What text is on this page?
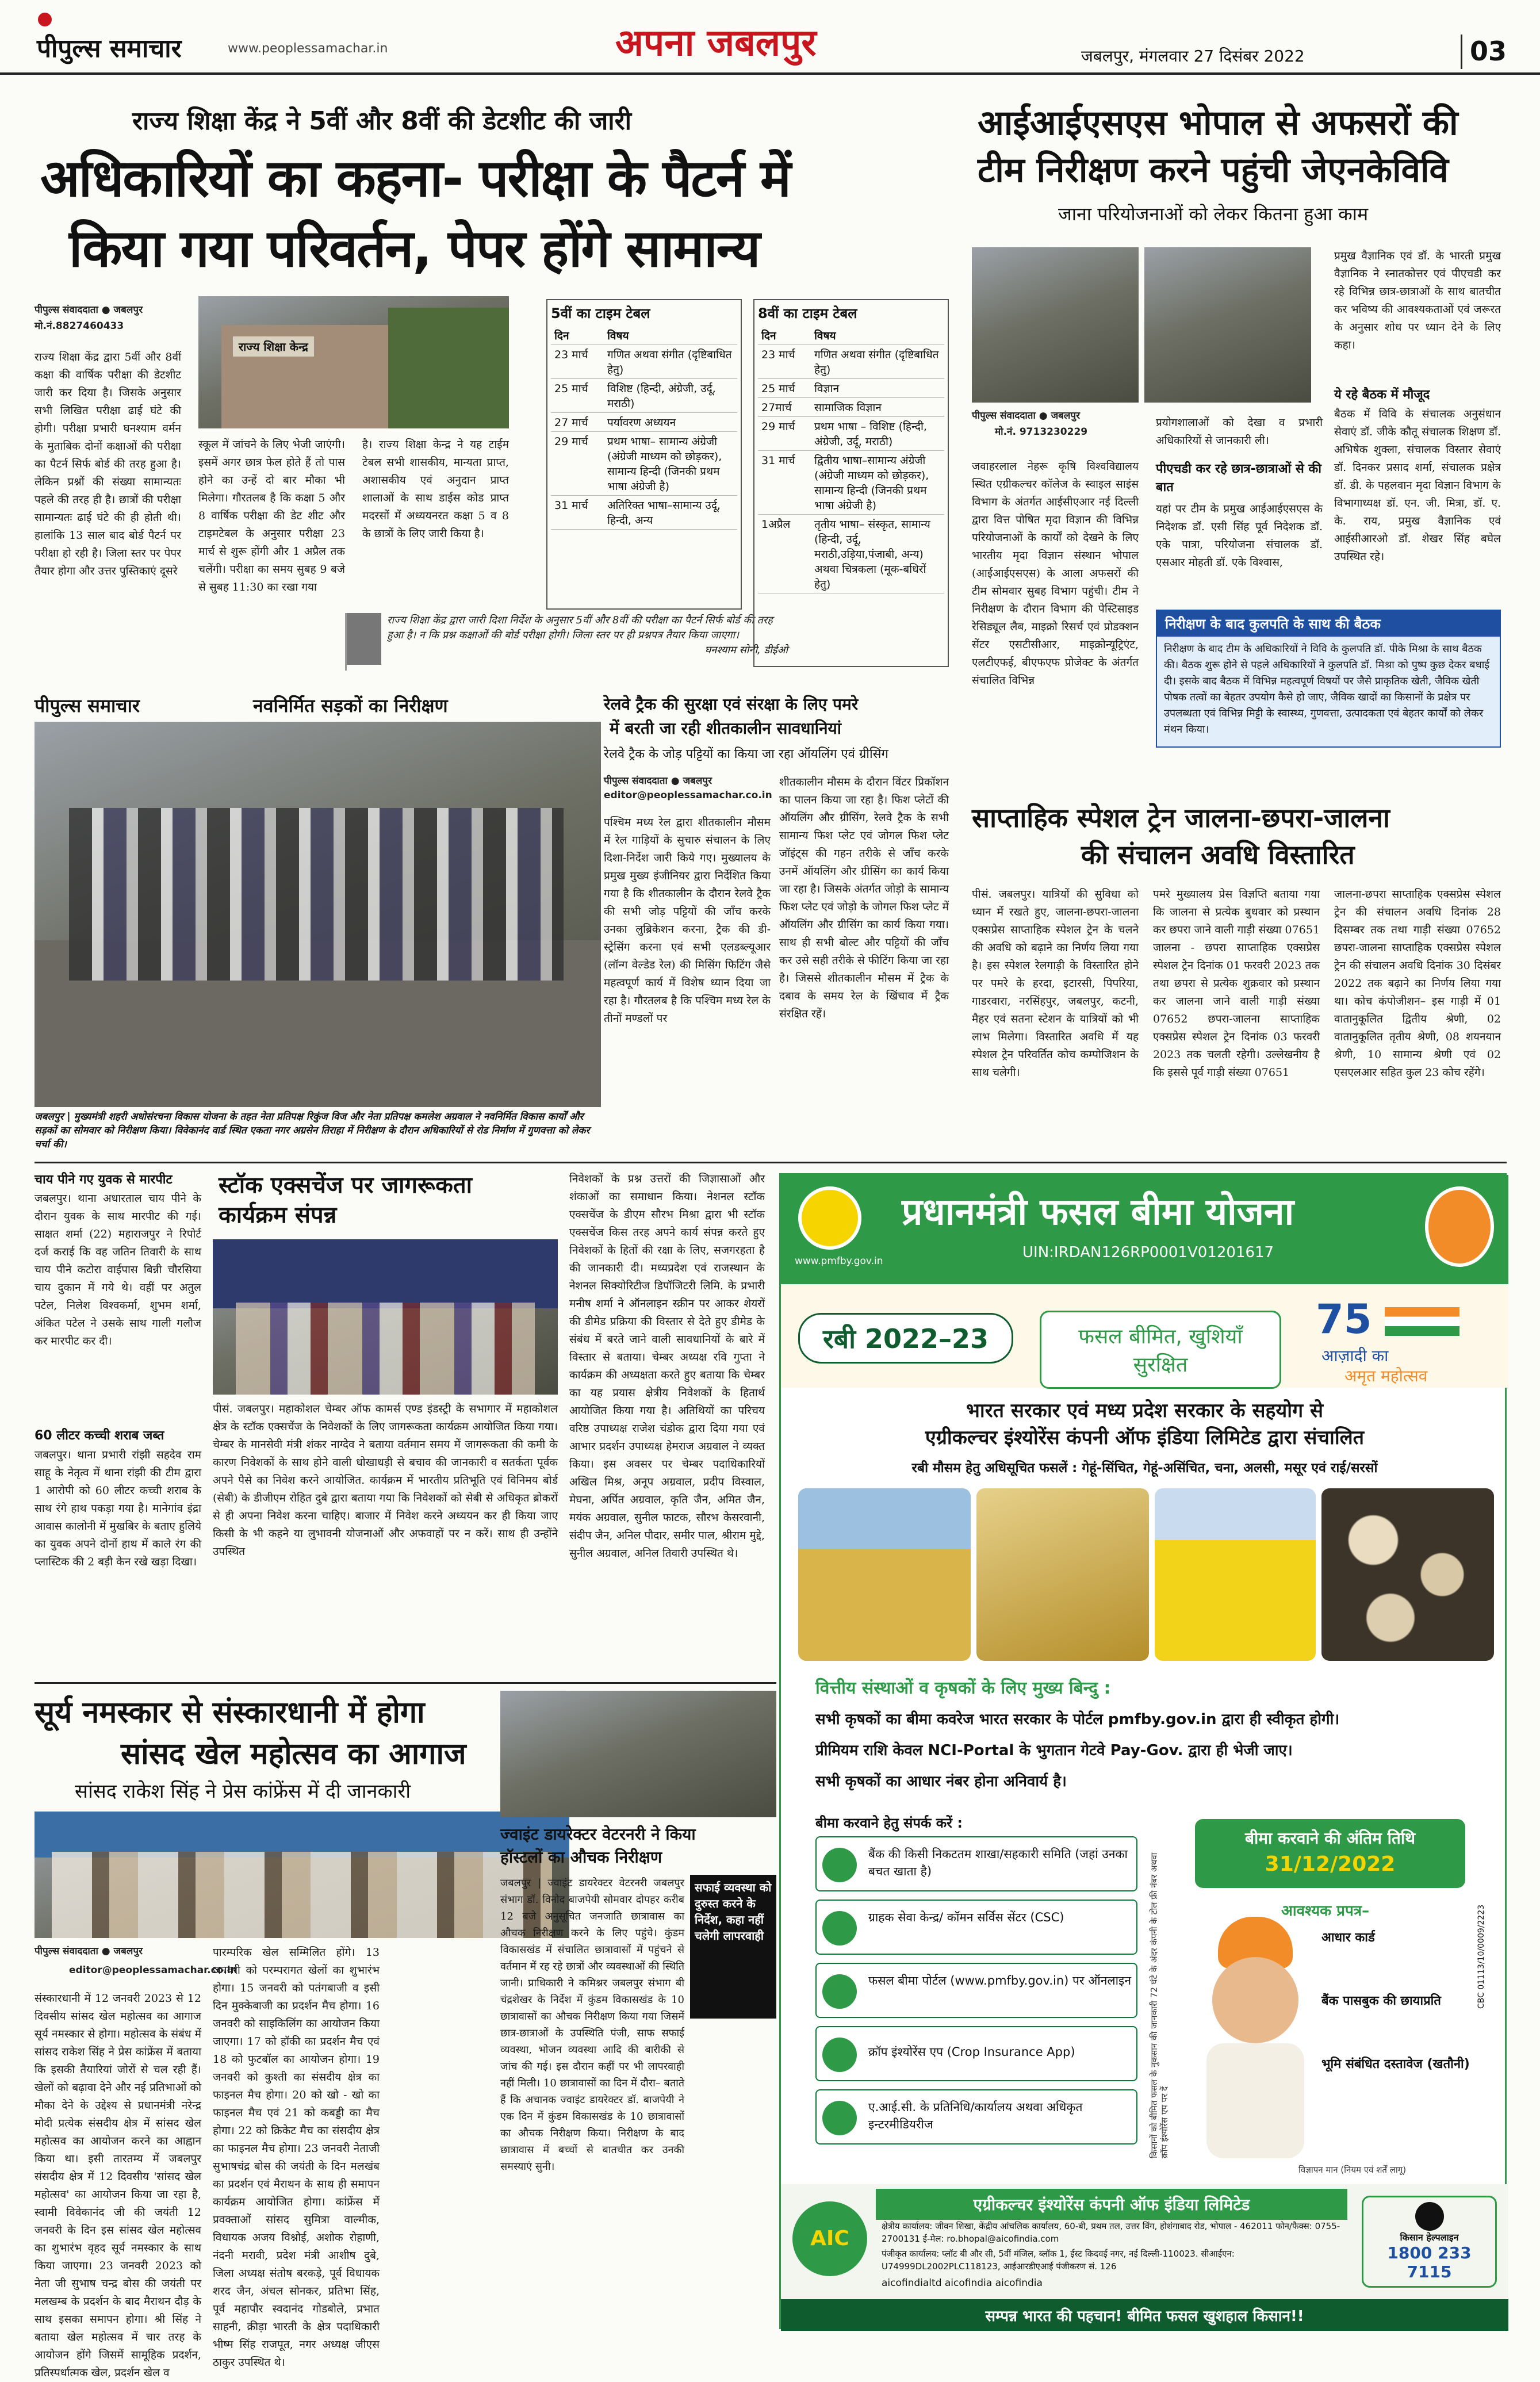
पीपुल्स समाचार	www.peoplessamachar.in	अपना जबलपुर	जबलपुर, मंगलवार 27 दिसंबर 2022	03
राज्य शिक्षा केंद्र ने 5वीं और 8वीं की डेटशीट की जारी
अधिकारियों का कहना- परीक्षा के पैटर्न में
किया गया परिवर्तन, पेपर होंगे सामान्य
पीपुल्स संवाददाता ● जबलपुर
मो.नं.8827460433
राज्य शिक्षा केंद्र द्वारा 5वीं और 8वीं कक्षा की वार्षिक परीक्षा की डेटशीट जारी कर दिया है। जिसके अनुसार सभी लिखित परीक्षा ढाई घंटे की होगी। परीक्षा प्रभारी घनश्याम वर्मन के मुताबिक दोनों कक्षाओं की परीक्षा का पैटर्न सिर्फ बोर्ड की तरह हुआ है। लेकिन प्रश्नों की संख्या सामान्यतः पहले की तरह ही है। छात्रों की परीक्षा सामान्यतः ढाई घंटे की ही होती थी। हालांकि 13 साल बाद बोर्ड पैटर्न पर परीक्षा हो रही है। जिला स्तर पर पेपर तैयार होगा और उत्तर पुस्तिकाएं दूसरे
राज्य शिक्षा केन्द्र
स्कूल में जांचने के लिए भेजी जाएंगी। इसमें अगर छात्र फेल होते हैं तो पास होने का उन्हें दो बार मौका भी मिलेगा। गौरतलब है कि कक्षा 5 और 8 वार्षिक परीक्षा की डेट शीट और टाइमटेबल के अनुसार परीक्षा 23 मार्च से शुरू होंगी और 1 अप्रैल तक चलेंगी। परीक्षा का समय सुबह 9 बजे से सुबह 11:30 का रखा गया
है। राज्य शिक्षा केन्द्र ने यह टाईम टेबल सभी शासकीय, मान्यता प्राप्त, अशासकीय एवं अनुदान प्राप्त शालाओं के साथ डाईस कोड प्राप्त मदरसों में अध्ययनरत कक्षा 5 व 8 के छात्रों के लिए जारी किया है।
राज्य शिक्षा केंद्र द्वारा जारी दिशा निर्देश के अनुसार 5वीं और 8वीं की परीक्षा का पैटर्न सिर्फ बोर्ड की तरह हुआ है। न कि प्रश्न कक्षाओं की बोर्ड परीक्षा होगी। जिला स्तर पर ही प्रश्नपत्र तैयार किया जाएगा।
घनश्याम सोनी, डीईओ
5वीं का टाइम टेबल
दिन	विषय
23 मार्च	गणित अथवा संगीत (दृष्टिबाधित हेतु)
25 मार्च	विशिष्ट (हिन्दी, अंग्रेजी, उर्दू, मराठी)
27 मार्च	पर्यावरण अध्ययन
29 मार्च	प्रथम भाषा– सामान्य अंग्रेजी (अंग्रेजी माध्यम को छोड़कर), सामान्य हिन्दी (जिनकी प्रथम भाषा अंग्रेजी है)
31 मार्च	अतिरिक्त भाषा–सामान्य उर्दू, हिन्दी, अन्य
8वीं का टाइम टेबल
दिन	विषय
23 मार्च	गणित अथवा संगीत (दृष्टिबाधित हेतु)
25 मार्च	विज्ञान
27मार्च	सामाजिक विज्ञान
29 मार्च	प्रथम भाषा – विशिष्ट (हिन्दी, अंग्रेजी, उर्दू, मराठी)
31 मार्च	द्वितीय भाषा–सामान्य अंग्रेजी (अंग्रेजी माध्यम को छोड़कर), सामान्य हिन्दी (जिनकी प्रथम भाषा अंग्रेजी है)
1अप्रैल	तृतीय भाषा– संस्कृत, सामान्य (हिन्दी, उर्दू, मराठी,उड़िया,पंजाबी, अन्य) अथवा चित्रकला (मूक-बधिरों हेतु)
आईआईएसएस भोपाल से अफसरों की
टीम निरीक्षण करने पहुंची जेएनकेविवि
जाना परियोजनाओं को लेकर कितना हुआ काम
पीपुल्स संवाददाता ● जबलपुर
मो.नं. 9713230229
जवाहरलाल नेहरू कृषि विश्वविद्यालय स्थित एग्रीकल्चर कॉलेज के स्वाइल साइंस विभाग के अंतर्गत आईसीएआर नई दिल्ली द्वारा वित्त पोषित मृदा विज्ञान की विभिन्न परियोजनाओं के कार्यों को देखने के लिए भारतीय मृदा विज्ञान संस्थान भोपाल (आईआईएसएस) के आला अफसरों की टीम सोमवार सुबह विभाग पहुंची। टीम ने निरीक्षण के दौरान विभाग की पेस्टिसाइड रेसिड्यूल लैब, माइक्रो रिसर्च एवं प्रोडक्शन सेंटर एसटीसीआर, माइक्रोन्यूट्रिएंट, एलटीएफई, बीएफएफ प्रोजेक्ट के अंतर्गत संचालित विभिन्न
प्रयोगशालाओं को देखा व प्रभारी अधिकारियों से जानकारी ली।
पीएचडी कर रहे छात्र-छात्राओं से की बात
यहां पर टीम के प्रमुख आईआईएसएस के निदेशक डॉ. एसी सिंह पूर्व निदेशक डॉ. एके पात्रा, परियोजना संचालक डॉ. एसआर मोहती डॉ. एके विश्वास,
प्रमुख वैज्ञानिक एवं डॉ. के भारती प्रमुख वैज्ञानिक ने स्नातकोत्तर एवं पीएचडी कर रहे विभिन्न छात्र-छात्राओं के साथ बातचीत कर भविष्य की आवश्यकताओं एवं जरूरत के अनुसार शोध पर ध्यान देने के लिए कहा।
ये रहे बैठक में मौजूद
बैठक में विवि के संचालक अनुसंधान सेवाएं डॉ. जीके कौतू संचालक शिक्षण डॉ. अभिषेक शुक्ला, संचालक विस्तार सेवाएं डॉ. दिनकर प्रसाद शर्मा, संचालक प्रक्षेत्र डॉ. डी. के पहलवान मृदा विज्ञान विभाग के विभागाध्यक्ष डॉ. एन. जी. मित्रा, डॉ. ए. के. राय, प्रमुख वैज्ञानिक एवं आईसीआरओ डॉ. शेखर सिंह बघेल उपस्थित रहे।
निरीक्षण के बाद कुलपति के साथ की बैठक
निरीक्षण के बाद टीम के अधिकारियों ने विवि के कुलपति डॉ. पीके मिश्रा के साथ बैठक की। बैठक शुरू होने से पहले अधिकारियों ने कुलपति डॉ. मिश्रा को पुष्प कुछ देकर बधाई दी। इसके बाद बैठक में विभिन्न महत्वपूर्ण विषयों पर जैसे प्राकृतिक खेती, जैविक खेती पोषक तत्वों का बेहतर उपयोग कैसे हो जाए, जैविक खादों का किसानों के प्रक्षेत्र पर उपलब्धता एवं विभिन्न मिट्टी के स्वास्थ्य, गुणवत्ता, उत्पादकता एवं बेहतर कार्यों को लेकर मंथन किया।
पीपुल्स समाचार	नवनिर्मित सड़कों का निरीक्षण
जबलपुर | मुख्यमंत्री शहरी अधोसंरचना विकास योजना के तहत नेता प्रतिपक्ष रिकुंज विज और नेता प्रतिपक्ष कमलेश अग्रवाल ने नवनिर्मित विकास कार्यों और सड़कों का सोमवार को निरीक्षण किया। विवेकानंद वार्ड स्थित एकता नगर अग्रसेन तिराहा में निरीक्षण के दौरान अधिकारियों से रोड निर्माण में गुणवत्ता को लेकर चर्चा की।
रेलवे ट्रैक की सुरक्षा एवं संरक्षा के लिए पमरे
में बरती जा रही शीतकालीन सावधानियां
रेलवे ट्रैक के जोड़ पट्टियों का किया जा रहा ऑयलिंग एवं ग्रीसिंग
पीपुल्स संवाददाता ● जबलपुर
editor@peoplessamachar.co.in
पश्चिम मध्य रेल द्वारा शीतकालीन मौसम में रेल गाड़ियों के सुचारु संचालन के लिए दिशा-निर्देश जारी किये गए। मुख्यालय के प्रमुख मुख्य इंजीनियर द्वारा निर्देशित किया गया है कि शीतकालीन के दौरान रेलवे ट्रैक की सभी जोड़ पट्टियों की जाँच करके उनका लुब्रिकेशन करना, ट्रैक की डी-स्ट्रेसिंग करना एवं सभी एलडब्ल्यूआर (लॉन्ग वेल्डेड रेल) की मिसिंग फिटिंग जैसे महत्वपूर्ण कार्य में विशेष ध्यान दिया जा रहा है। गौरतलब है कि पश्चिम मध्य रेल के तीनों मण्डलों पर
शीतकालीन मौसम के दौरान विंटर प्रिकॉशन का पालन किया जा रहा है। फिश प्लेटों की ऑयलिंग और ग्रीसिंग, रेलवे ट्रैक के सभी सामान्य फिश प्लेट एवं जोगल फिश प्लेट जॉइंट्स की गहन तरीके से जाँच करके उनमें ऑयलिंग और ग्रीसिंग का कार्य किया जा रहा है। जिसके अंतर्गत जोड़ो के सामान्य फिश प्लेट एवं जोड़ो के जोगल फिश प्लेट में ऑयलिंग और ग्रीसिंग का कार्य किया गया। साथ ही सभी बोल्ट और पट्टियों की जाँच कर उसे सही तरीके से फीटिंग किया जा रहा है। जिससे शीतकालीन मौसम में ट्रैक के दबाव के समय रेल के खिंचाव में ट्रैक संरक्षित रहें।
साप्ताहिक स्पेशल ट्रेन जालना-छपरा-जालना
की संचालन अवधि विस्तारित
पीसं. जबलपुर। यात्रियों की सुविधा को ध्यान में रखते हुए, जालना-छपरा-जालना एक्सप्रेस साप्ताहिक स्पेशल ट्रेन के चलने की अवधि को बढ़ाने का निर्णय लिया गया है। इस स्पेशल रेलगाड़ी के विस्तारित होने पर पमरे के हरदा, इटारसी, पिपरिया, गाडरवारा, नरसिंहपुर, जबलपुर, कटनी, मैहर एवं सतना स्टेशन के यात्रियों को भी लाभ मिलेगा। विस्तारित अवधि में यह स्पेशल ट्रेन परिवर्तित कोच कम्पोजिशन के साथ चलेगी।
पमरे मुख्यालय प्रेस विज्ञप्ति बताया गया कि जालना से प्रत्येक बुधवार को प्रस्थान कर छपरा जाने वाली गाड़ी संख्या 07651 जालना - छपरा साप्ताहिक एक्सप्रेस स्पेशल ट्रेन दिनांक 01 फरवरी 2023 तक तथा छपरा से प्रत्येक शुक्रवार को प्रस्थान कर जालना जाने वाली गाड़ी संख्या 07652 छपरा-जालना साप्ताहिक एक्सप्रेस स्पेशल ट्रेन दिनांक 03 फरवरी 2023 तक चलती रहेगी। उल्लेखनीय है कि इससे पूर्व गाड़ी संख्या 07651
जालना-छपरा साप्ताहिक एक्सप्रेस स्पेशल ट्रेन की संचालन अवधि दिनांक 28 दिसम्बर तक तथा गाड़ी संख्या 07652 छपरा-जालना साप्ताहिक एक्सप्रेस स्पेशल ट्रेन की संचालन अवधि दिनांक 30 दिसंबर 2022 तक बढ़ाने का निर्णय लिया गया था। कोच कंपोजीशन– इस गाड़ी में 01 वातानुकूलित द्वितीय श्रेणी, 02 वातानुकूलित तृतीय श्रेणी, 08 शयनयान श्रेणी, 10 सामान्य श्रेणी एवं 02 एसएलआर सहित कुल 23 कोच रहेंगे।
चाय पीने गए युवक से मारपीट
जबलपुर। थाना अधारताल चाय पीने के दौरान युवक के साथ मारपीट की गई। साक्षत शर्मा (22) महाराजपुर ने रिपोर्ट दर्ज कराई कि वह जतिन तिवारी के साथ चाय पीने कटोरा वाईपास बिन्नी चौरसिया चाय दुकान में गये थे। वहीं पर अतुल पटेल, निलेश विश्वकर्मा, शुभम शर्मा, अंकित पटेल ने उसके साथ गाली गलौज कर मारपीट कर दी।
60 लीटर कच्ची शराब जब्त
जबलपुर। थाना प्रभारी रांझी सहदेव राम साहू के नेतृत्व में थाना रांझी की टीम द्वारा 1 आरोपी को 60 लीटर कच्ची शराब के साथ रंगे हाथ पकड़ा गया है। मानेगांव इंद्रा आवास कालोनी में मुखबिर के बताए हुलिये का युवक अपने दोनों हाथ में काले रंग की प्लास्टिक की 2 बड़ी केन रखे खड़ा दिखा।
स्टॉक एक्सचेंज पर जागरूकता कार्यक्रम संपन्न
पीसं. जबलपुर। महाकोशल चेम्बर ऑफ कामर्स एण्ड इंडस्ट्री के सभागार में महाकोशल क्षेत्र के स्टॉक एक्सचेंज के निवेशकों के लिए जागरूकता कार्यक्रम आयोजित किया गया। चेम्बर के मानसेवी मंत्री शंकर नाग्देव ने बताया वर्तमान समय में जागरूकता की कमी के कारण निवेशकों के साथ होने वाली धोखाधड़ी से बचाव की जानकारी व सतर्कता पूर्वक अपने पैसे का निवेश करने आयोजित. कार्यक्रम में भारतीय प्रतिभूति एवं विनिमय बोर्ड (सेबी) के डीजीएम रोहित दुबे द्वारा बताया गया कि निवेशकों को सेबी से अधिकृत ब्रोकरों से ही अपना निवेश करना चाहिए। बाजार में निवेश करने अध्ययन कर ही किया जाए किसी के भी कहने या लुभावनी योजनाओं और अफवाहों पर न करें। साथ ही उन्होंने उपस्थित
निवेशकों के प्रश्न उत्तरों की जिज्ञासाओं और शंकाओं का समाधान किया। नेशनल स्टॉक एक्सचेंज के डीएम सौरभ मिश्रा द्वारा भी स्टॉक एक्सचेंज किस तरह अपने कार्य संपन्न करते हुए निवेशकों के हितों की रक्षा के लिए, सजगरहता है की जानकारी दी। मध्यप्रदेश एवं राजस्थान के नेशनल सिक्योरिटीज डिपॉजिटरी लिमि. के प्रभारी मनीष शर्मा ने ऑनलाइन स्क्रीन पर आकर शेयरों की डीमेड प्रक्रिया की विस्तार से देते हुए डीमेड के संबंध में बरते जाने वाली सावधानियों के बारे में विस्तार से बताया। चेम्बर अध्यक्ष रवि गुप्ता ने कार्यक्रम की अध्यक्षता करते हुए बताया कि चेम्बर का यह प्रयास क्षेत्रीय निवेशकों के हितार्थ आयोजित किया गया है। अतिथियों का परिचय वरिष्ठ उपाध्यक्ष राजेश चंडोक द्वारा दिया गया एवं आभार प्रदर्शन उपाध्यक्ष हेमराज अग्रवाल ने व्यक्त किया। इस अवसर पर चेम्बर पदाधिकारियों अखिल मिश्र, अनूप अग्रवाल, प्रदीप विस्वाल, मेघना, अर्पित अग्रवाल, कृति जैन, अमित जैन, मयंक अग्रवाल, सुनील फाटक, सौरभ केसरवानी, संदीप जैन, अनिल पौदार, समीर पाल, श्रीराम मुद्दे, सुनील अग्रवाल, अनिल तिवारी उपस्थित थे।
सूर्य नमस्कार से संस्कारधानी में होगा
सांसद खेल महोत्सव का आगाज
सांसद राकेश सिंह ने प्रेस कांफ्रेंस में दी जानकारी
पीपुल्स संवाददाता ● जबलपुर
editor@peoplessamachar.co.in
संस्कारधानी में 12 जनवरी 2023 से 12 दिवसीय सांसद खेल महोत्सव का आगाज सूर्य नमस्कार से होगा। महोत्सव के संबंध में सांसद राकेश सिंह ने प्रेस कांफ्रेंस में बताया कि इसकी तैयारियां जोरों से चल रही हैं। खेलों को बढ़ावा देने और नई प्रतिभाओं को मौका देने के उद्देश्य से प्रधानमंत्री नरेन्द्र मोदी प्रत्येक संसदीय क्षेत्र में सांसद खेल महोत्सव का आयोजन करने का आह्वान किया था। इसी तारतम्य में जबलपुर संसदीय क्षेत्र में 12 दिवसीय 'सांसद खेल महोत्सव' का आयोजन किया जा रहा है, स्वामी विवेकानंद जी की जयंती 12 जनवरी के दिन इस सांसद खेल महोत्सव का शुभारंभ वृहद सूर्य नमस्कार के साथ किया जाएगा। 23 जनवरी 2023 को नेता जी सुभाष चन्द्र बोस की जयंती पर मलखम्ब के प्रदर्शन के बाद मैराथन दौड़ के साथ इसका समापन होगा। श्री सिंह ने बताया खेल महोत्सव में चार तरह के आयोजन होंगे जिसमें सामूहिक प्रदर्शन, प्रतिस्पर्धात्मक खेल, प्रदर्शन खेल व
पारम्परिक खेल सम्मिलित होंगे। 13 जनवरी को परम्परागत खेलों का शुभारंभ होगा। 15 जनवरी को पतंगबाजी व इसी दिन मुक्केबाजी का प्रदर्शन मैच होगा। 16 जनवरी को साइकिलिंग का आयोजन किया जाएगा। 17 को हॉकी का प्रदर्शन मैच एवं 18 को फुटबॉल का आयोजन होगा। 19 जनवरी को कुश्ती का संसदीय क्षेत्र का फाइनल मैच होगा। 20 को खो - खो का फाइनल मैच एवं 21 को कबड्डी का मैच होगा। 22 को क्रिकेट मैच का संसदीय क्षेत्र का फाइनल मैच होगा। 23 जनवरी नेताजी सुभाषचंद्र बोस की जयंती के दिन मलखंब का प्रदर्शन एवं मैराथन के साथ ही समापन कार्यक्रम आयोजित होगा। कांफ्रेंस में प्रवक्ताओं सांसद सुमित्रा वाल्मीक, विधायक अजय विश्नोई, अशोक रोहाणी, नंदनी मरावी, प्रदेश मंत्री आशीष दुबे, जिला अध्यक्ष संतोष बरकड़े, पूर्व विधायक शरद जैन, अंचल सोनकर, प्रतिभा सिंह, पूर्व महापौर स्वदानंद गोडबोले, प्रभात साहनी, क्रीड़ा भारती के क्षेत्र पदाधिकारी भीष्म सिंह राजपूत, नगर अध्यक्ष जीएस ठाकुर उपस्थित थे।
ज्वाइंट डायरेक्टर वेटरनरी ने किया
हॉस्टलों का औचक निरीक्षण
सफाई व्यवस्था को दुरुस्त करने के निर्देश, कहा नहीं चलेगी लापरवाही
जबलपुर | ज्वाइंट डायरेक्टर वेटरनरी जबलपुर संभाग डॉ. विनोद बाजपेयी सोमवार दोपहर करीब 12 बजे अनुसूचित जनजाति छात्रावास का औचक निरीक्षण करने के लिए पहुंचे। कुंडम विकासखंड में संचालित छात्रावासों में पहुंचने से वर्तमान में रह रहे छात्रों और व्यवस्थाओं की स्थिति जानी। प्राधिकारी ने कमिश्नर जबलपुर संभाग बी चंद्रशेखर के निर्देश में कुंडम विकासखंड के 10 छात्रावासों का औचक निरीक्षण किया गया जिसमें छात्र-छात्राओं के उपस्थिति पंजी, साफ सफाई व्यवस्था, भोजन व्यवस्था आदि की बारीकी से जांच की गई। इस दौरान कहीं पर भी लापरवाही नहीं मिली। 10 छात्रावासों का दिन में दौरा– बताते हैं कि अचानक ज्वाइंट डायरेक्टर डॉ. बाजपेयी ने एक दिन में कुंडम विकासखंड के 10 छात्रावासों का औचक निरीक्षण किया। निरीक्षण के बाद छात्रावास में बच्चों से बातचीत कर उनकी समस्याएं सुनी।
www.pmfby.gov.in
प्रधानमंत्री फसल बीमा योजना
UIN:IRDAN126RP0001V01201617
रबी 2022–23	फसल बीमित, खुशियाँ सुरक्षित
75
आज़ादी का
अमृत महोत्सव
भारत सरकार एवं मध्य प्रदेश सरकार के सहयोग से
एग्रीकल्चर इंश्योरेंस कंपनी ऑफ इंडिया लिमिटेड द्वारा संचालित
रबी मौसम हेतु अधिसूचित फसलें : गेहूं-सिंचित, गेहूं-असिंचित, चना, अलसी, मसूर एवं राई/सरसों
वित्तीय संस्थाओं व कृषकों के लिए मुख्य बिन्दु :
सभी कृषकों का बीमा कवरेज भारत सरकार के पोर्टल pmfby.gov.in द्वारा ही स्वीकृत होगी।
प्रीमियम राशि केवल NCI-Portal के भुगतान गेटवे Pay-Gov. द्वारा ही भेजी जाए।
सभी कृषकों का आधार नंबर होना अनिवार्य है।
बीमा करवाने हेतु संपर्क करें :
बैंक की किसी निकटतम शाखा/सहकारी समिति (जहां उनका बचत खाता है)
ग्राहक सेवा केन्द्र/ कॉमन सर्विस सेंटर (CSC)
फसल बीमा पोर्टल (www.pmfby.gov.in) पर ऑनलाइन
क्रॉप इंश्योरेंस एप (Crop Insurance App)
ए.आई.सी. के प्रतिनिधि/कार्यालय अथवा अधिकृत इन्टरमीडियरीज	किसानों को बीमित फसल के नुकसान की जानकारी 72 घंटे के अंदर कंपनी के टोल फ्री नंबर अथवा क्रॉप इंश्योरेंस एप पर दें
बीमा करवाने की अंतिम तिथि
31/12/2022
आवश्यक प्रपत्र–
आधार कार्ड
बैंक पासबुक की छायाप्रति
भूमि संबंधित दस्तावेज (खतौनी)
विज्ञापन मान (नियम एवं शर्तें लागू)
CBC 01113/10/0009/2223
AIC
एग्रीकल्चर इंश्योरेंस कंपनी ऑफ इंडिया लिमिटेड
क्षेत्रीय कार्यालय: जीवन शिखा, केंद्रीय आंचलिक कार्यालय, 60-बी, प्रथम तल, उत्तर विंग, होशंगाबाद रोड, भोपाल - 462011 फोन/फैक्स: 0755-2700131 ई-मेल: ro.bhopal@aicofindia.com
पंजीकृत कार्यालय: प्लॉट बी और सी, 5वीं मंजिल, ब्लॉक 1, ईस्ट किदवई नगर, नई दिल्ली-110023. सीआईएन: U74999DL2002PLC118123, आईआरडीएआई पंजीकरण सं. 126
aicofindialtd aicofindia aicofindia
किसान हेल्पलाइन
1800 233 7115
सम्पन्न भारत की पहचान! बीमित फसल खुशहाल किसान!!
